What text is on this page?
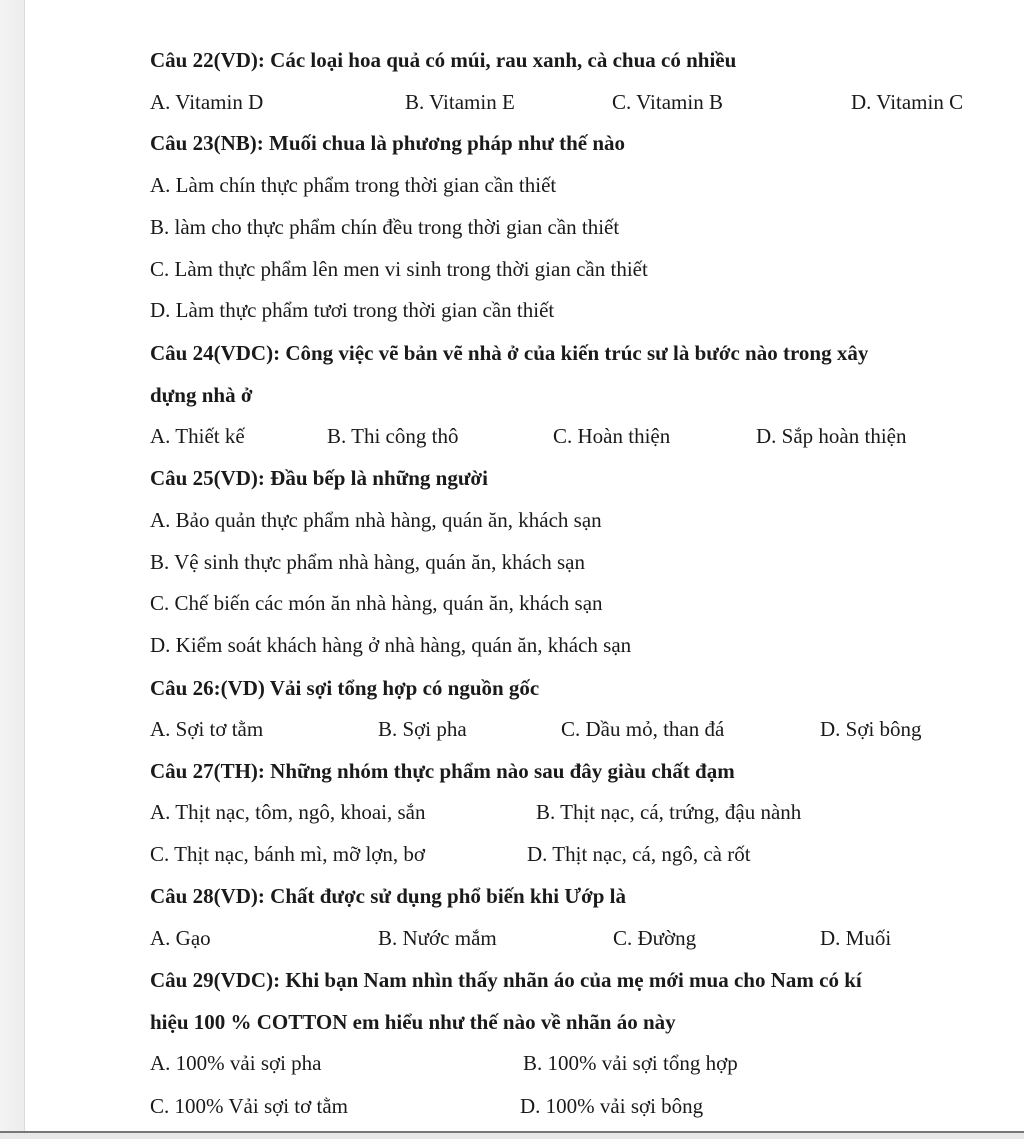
Câu 22(VD): Các loại hoa quả có múi, rau xanh, cà chua có nhiều
A. Vitamin D	B. Vitamin E	C. Vitamin B	D. Vitamin C
Câu 23(NB): Muối chua là phương pháp như thế nào
A. Làm chín thực phẩm trong thời gian cần thiết
B. làm cho thực phẩm chín đều trong thời gian cần thiết
C. Làm thực phẩm lên men vi sinh trong thời gian cần thiết
D. Làm thực phẩm tươi trong thời gian cần thiết
Câu 24(VDC): Công việc vẽ bản vẽ nhà ở của kiến trúc sư là bước nào trong xây
dựng nhà ở
A. Thiết kế	B. Thi công thô	C. Hoàn thiện	D. Sắp hoàn thiện
Câu 25(VD): Đầu bếp là những người
A. Bảo quản thực phẩm nhà hàng, quán ăn, khách sạn
B. Vệ sinh thực phẩm nhà hàng, quán ăn, khách sạn
C. Chế biến các món ăn nhà hàng, quán ăn, khách sạn
D. Kiểm soát khách hàng ở nhà hàng, quán ăn, khách sạn
Câu 26:(VD) Vải sợi tổng hợp có nguồn gốc
A. Sợi tơ tằm	B. Sợi pha	C. Dầu mỏ, than đá	D. Sợi bông
Câu 27(TH): Những nhóm thực phẩm nào sau đây giàu chất đạm
A. Thịt nạc, tôm, ngô, khoai, sắn	B. Thịt nạc, cá, trứng, đậu nành
C. Thịt nạc, bánh mì, mỡ lợn, bơ	D. Thịt nạc, cá, ngô, cà rốt
Câu 28(VD): Chất được sử dụng phổ biến khi Ướp là
A. Gạo	B. Nước mắm	C. Đường	D. Muối
Câu 29(VDC): Khi bạn Nam nhìn thấy nhãn áo của mẹ mới mua cho Nam có kí
hiệu 100 % COTTON em hiểu như thế nào về nhãn áo này
A. 100% vải sợi pha	B. 100% vải sợi tổng hợp
C. 100% Vải sợi tơ tằm	D. 100% vải sợi bông
